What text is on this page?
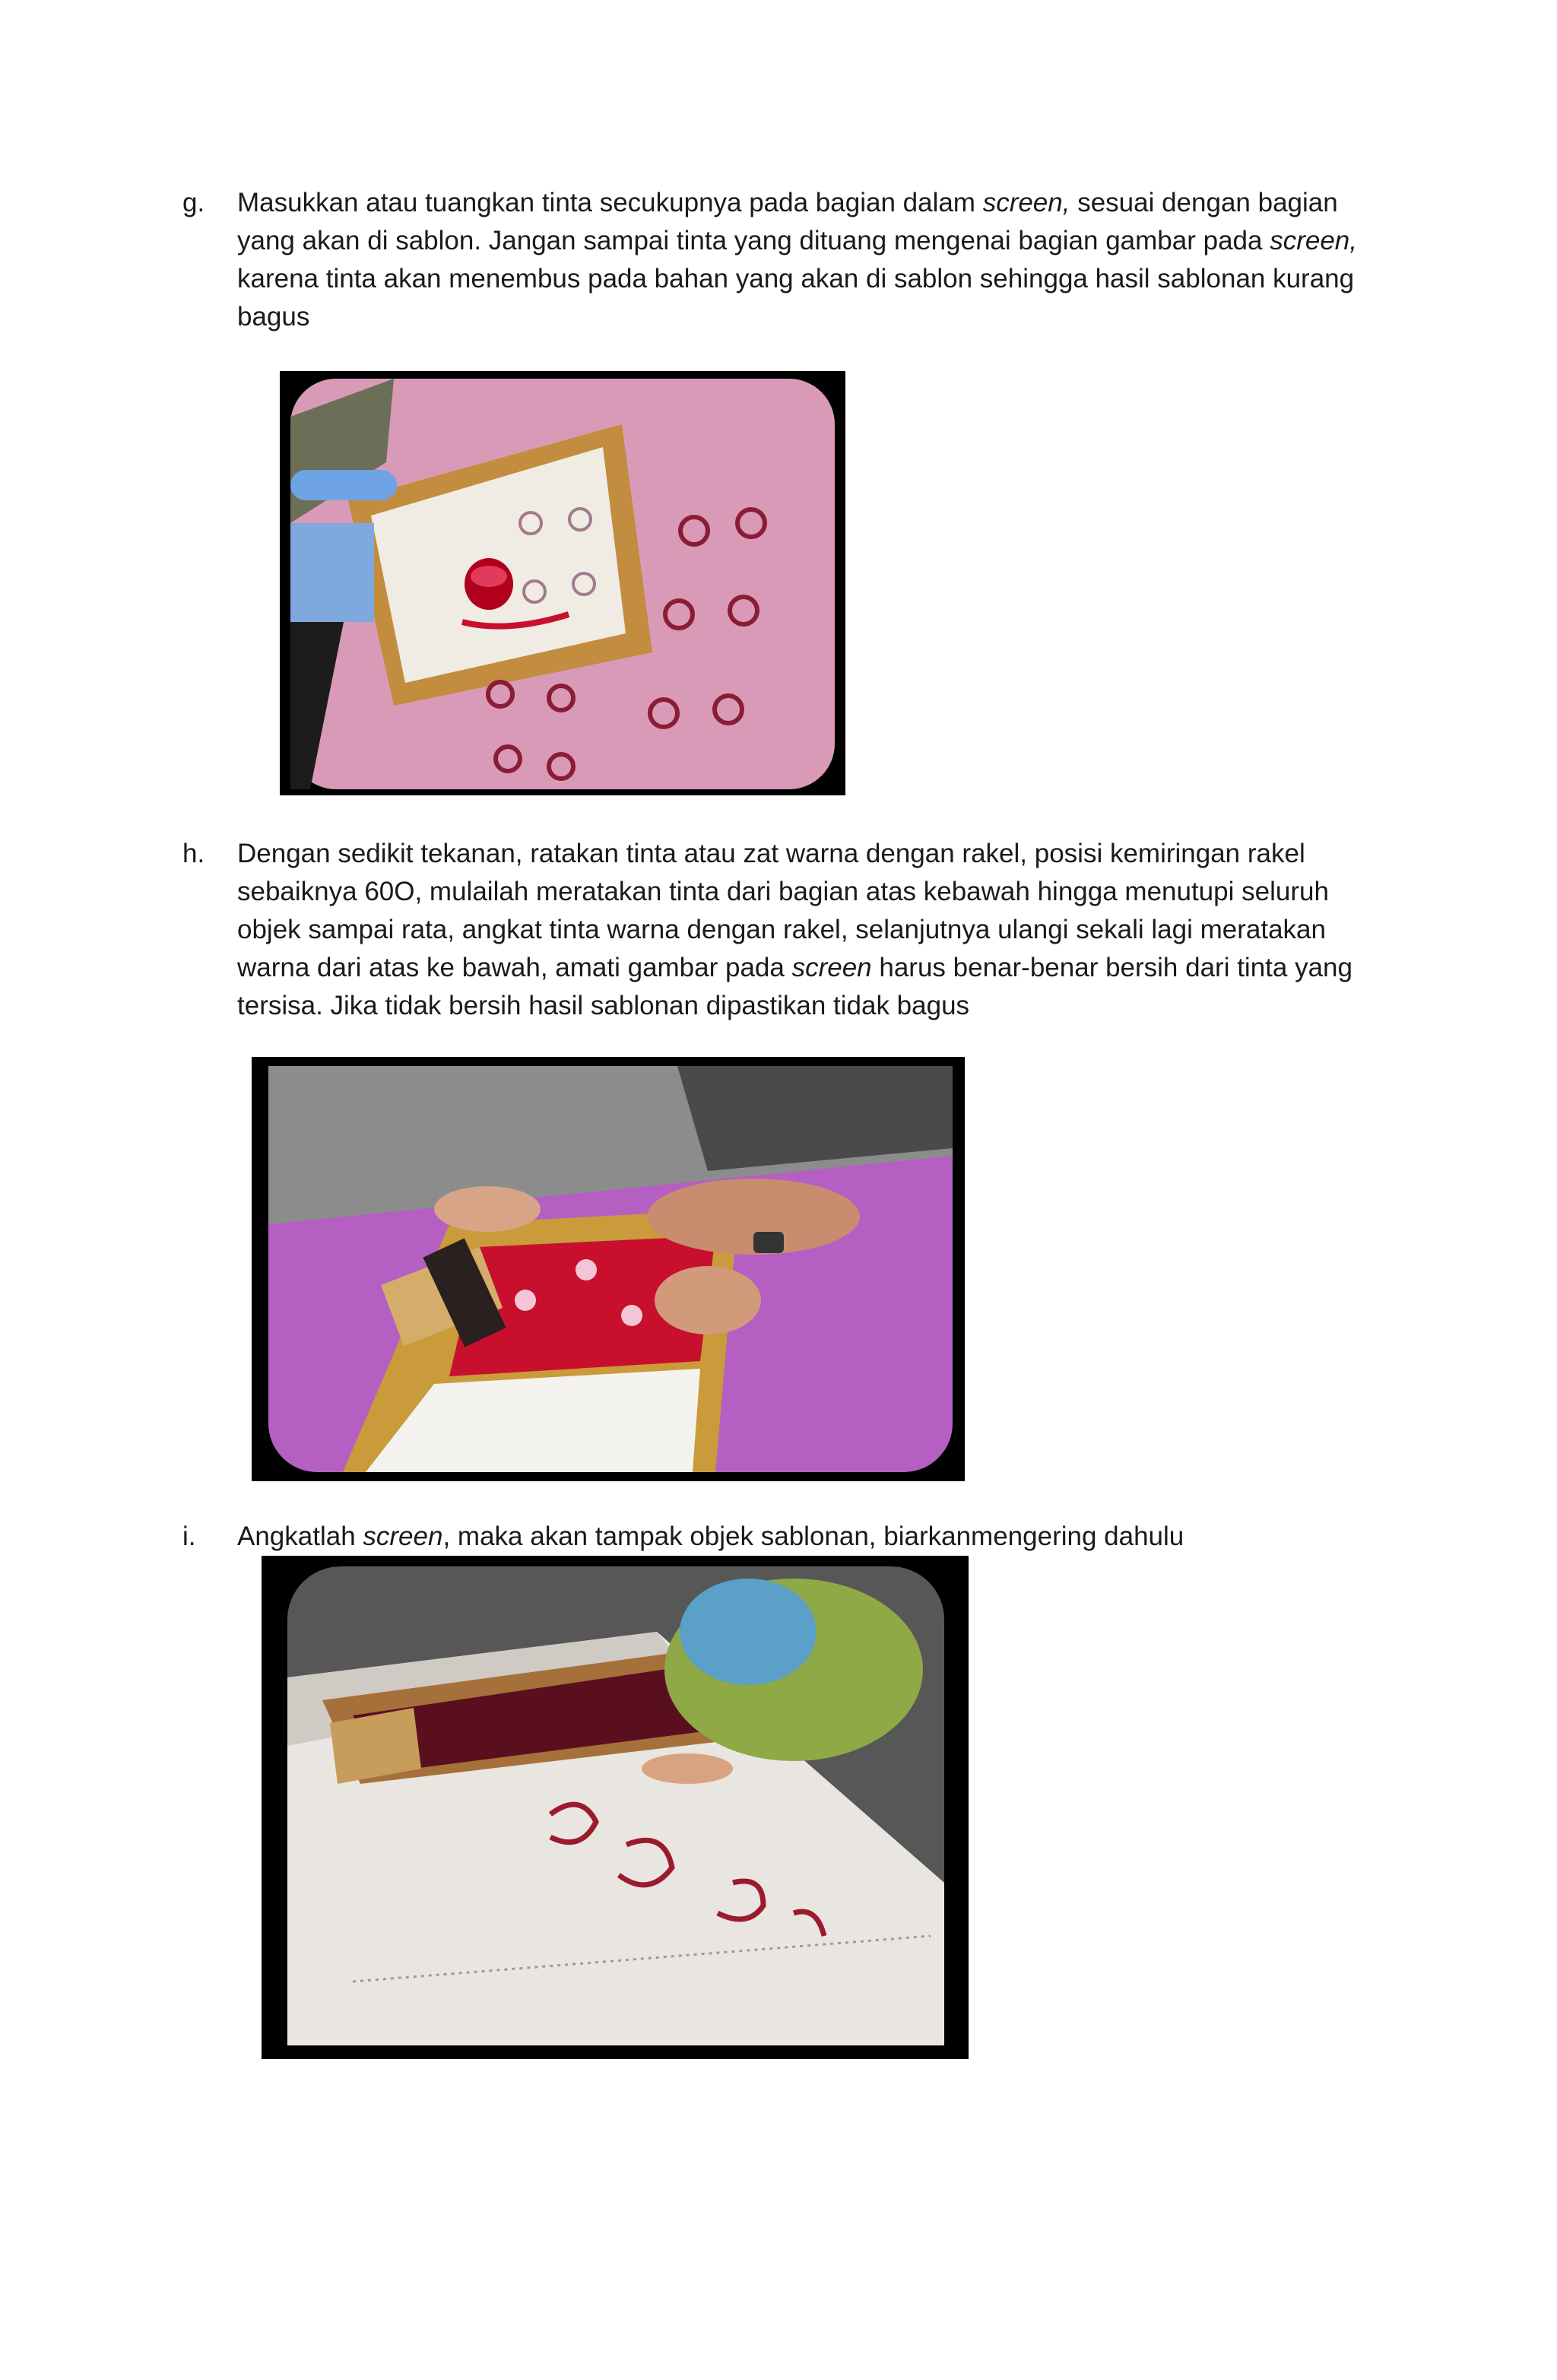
g. Masukkan atau tuangkan tinta secukupnya pada bagian dalam screen, sesuai dengan bagian yang akan di sablon. Jangan sampai tinta yang dituang mengenai bagian gambar pada screen, karena tinta akan menembus pada bahan yang akan di sablon sehingga hasil sablonan kurang bagus
h. Dengan sedikit tekanan, ratakan tinta atau zat warna dengan rakel, posisi kemiringan rakel sebaiknya 60O, mulailah meratakan tinta dari bagian atas kebawah hingga menutupi seluruh objek sampai rata, angkat tinta warna dengan rakel, selanjutnya ulangi sekali lagi meratakan warna dari atas ke bawah, amati gambar pada screen harus benar-benar bersih dari tinta yang tersisa. Jika tidak bersih hasil sablonan dipastikan tidak bagus
i. Angkatlah screen, maka akan tampak objek sablonan, biarkanmengering dahulu
